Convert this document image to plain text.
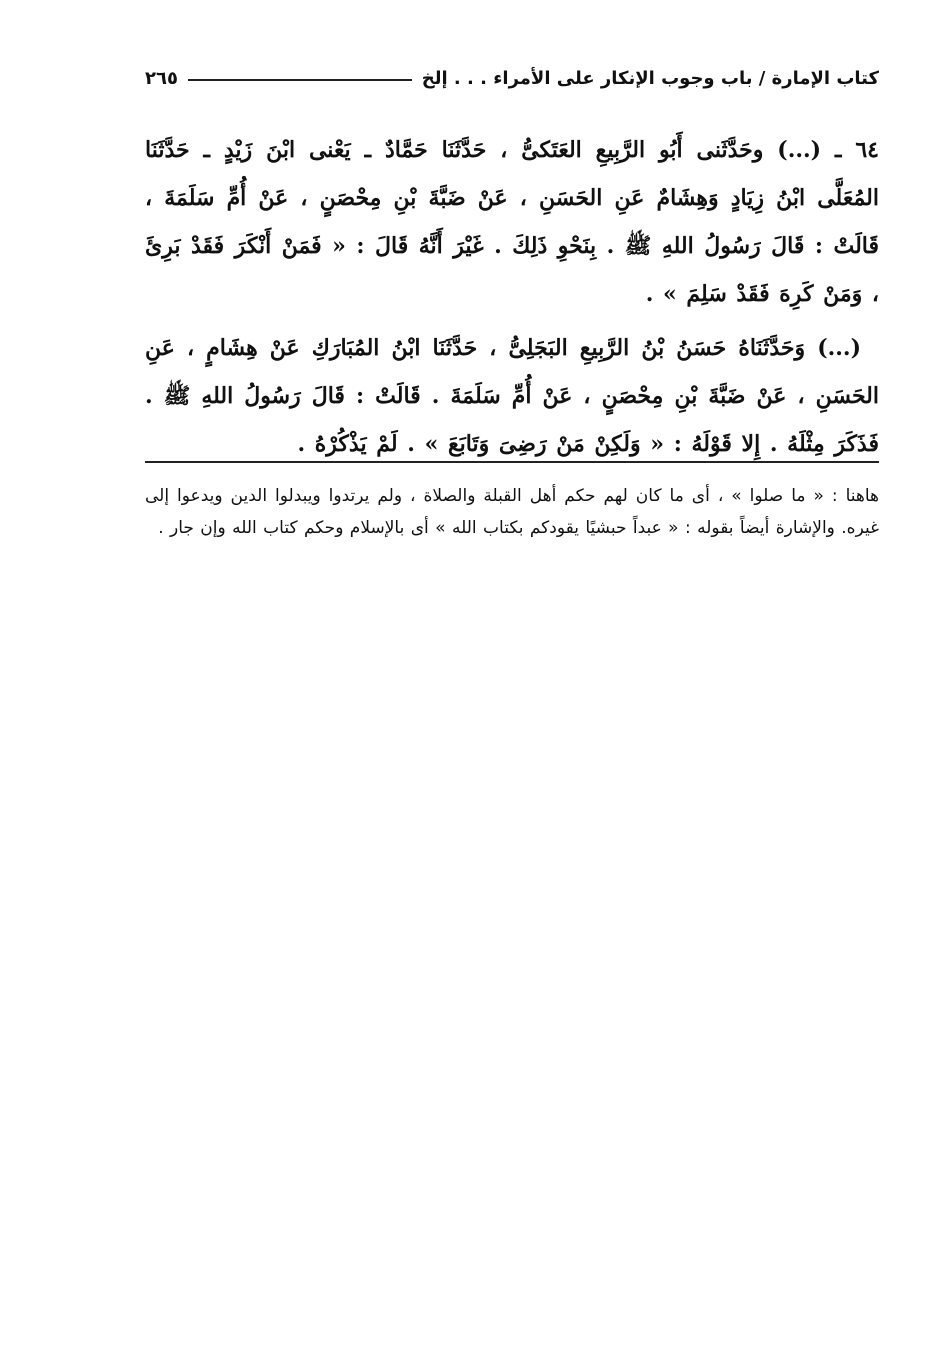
كتاب الإمارة / باب وجوب الإنكار على الأمراء . . . إلخ
٢٦٥

٦٤ ـ (...) وحَدَّثَنى أَبُو الرَّبِيعِ العَتَكىُّ ، حَدَّثَنَا حَمَّادٌ ـ يَعْنى ابْنَ زَيْدٍ ـ حَدَّثَنَا المُعَلَّى ابْنُ زِيَادٍ وَهِشَامٌ عَنِ الحَسَنِ ، عَنْ ضَبَّةَ بْنِ مِحْصَنٍ ، عَنْ أُمِّ سَلَمَةَ ، قَالَتْ : قَالَ رَسُولُ اللهِ ﷺ . بِنَحْوِ ذَلِكَ . غَيْرَ أَنَّهُ قَالَ : « فَمَنْ أَنْكَرَ فَقَدْ بَرِئَ ، وَمَنْ كَرِهَ فَقَدْ سَلِمَ » .

(...) وَحَدَّثَنَاهُ حَسَنُ بْنُ الرَّبِيعِ البَجَلِىُّ ، حَدَّثَنَا ابْنُ المُبَارَكِ عَنْ هِشَامٍ ، عَنِ الحَسَنِ ، عَنْ ضَبَّةَ بْنِ مِحْصَنٍ ، عَنْ أُمِّ سَلَمَةَ . قَالَتْ : قَالَ رَسُولُ اللهِ ﷺ . فَذَكَرَ مِثْلَهُ . إِلا قَوْلَهُ : « وَلَكِنْ مَنْ رَضِىَ وَتَابَعَ » . لَمْ يَذْكُرْهُ .

هاهنا : « ما صلوا » ، أى ما كان لهم حكم أهل القبلة والصلاة ، ولم يرتدوا ويبدلوا الدين ويدعوا إلى غيره. والإشارة أيضاً بقوله : « عبداً حبشيًا يقودكم بكتاب الله » أى بالإسلام وحكم كتاب الله وإن جار .
